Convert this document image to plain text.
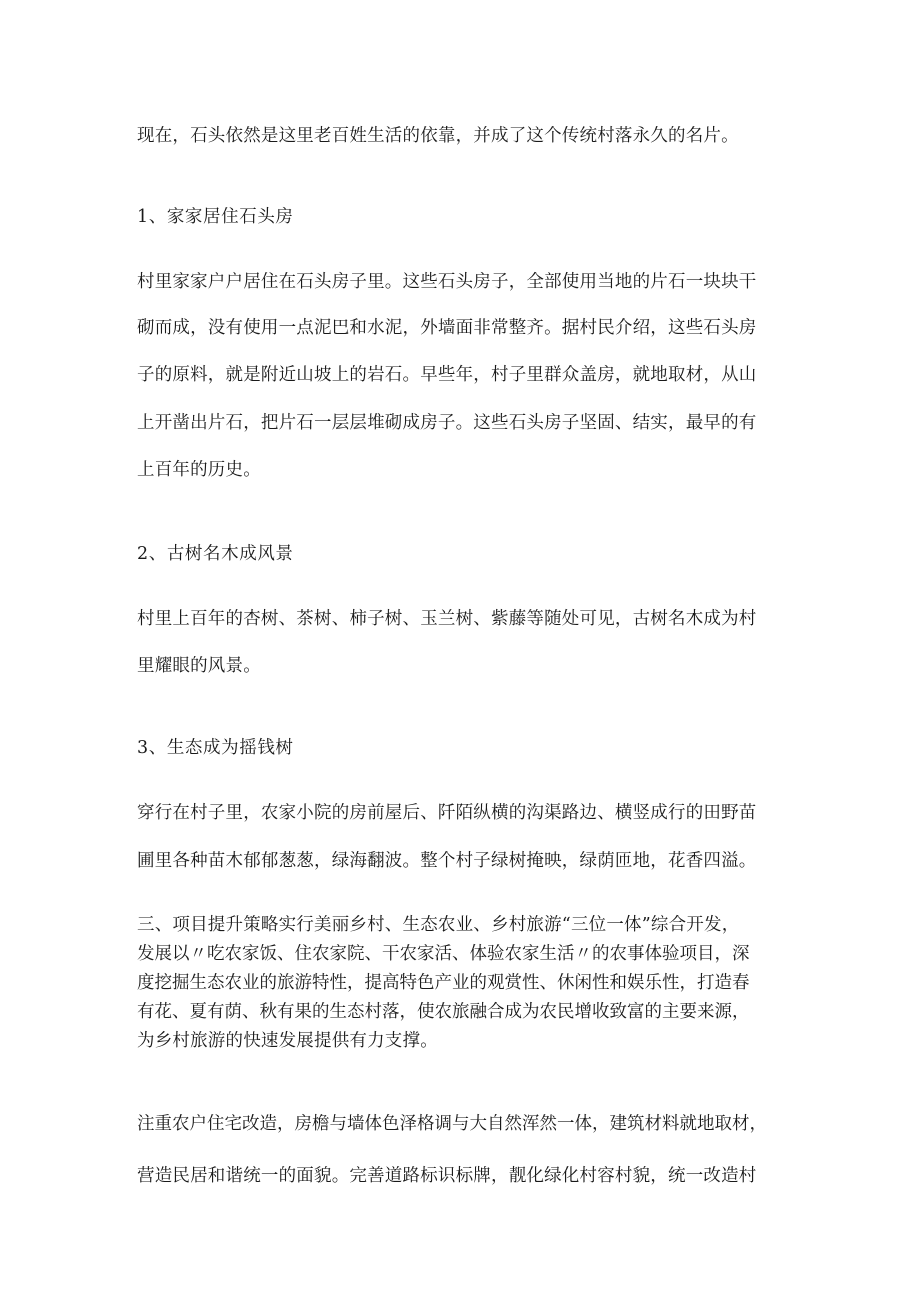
现在，石头依然是这里老百姓生活的依靠，并成了这个传统村落永久的名片。
1、家家居住石头房
村里家家户户居住在石头房子里。这些石头房子，全部使用当地的片石一块块干
砌而成，没有使用一点泥巴和水泥，外墙面非常整齐。据村民介绍，这些石头房
子的原料，就是附近山坡上的岩石。早些年，村子里群众盖房，就地取材，从山
上开凿出片石，把片石一层层堆砌成房子。这些石头房子坚固、结实，最早的有
上百年的历史。
2、古树名木成风景
村里上百年的杏树、茶树、柿子树、玉兰树、紫藤等随处可见，古树名木成为村
里耀眼的风景。
3、生态成为摇钱树
穿行在村子里，农家小院的房前屋后、阡陌纵横的沟渠路边、横竖成行的田野苗
圃里各种苗木郁郁葱葱，绿海翻波。整个村子绿树掩映，绿荫匝地，花香四溢。
三、项目提升策略实行美丽乡村、生态农业、乡村旅游“三位一体”综合开发，
发展以〃吃农家饭、住农家院、干农家活、体验农家生活〃的农事体验项目，深
度挖掘生态农业的旅游特性，提高特色产业的观赏性、休闲性和娱乐性，打造春
有花、夏有荫、秋有果的生态村落，使农旅融合成为农民增收致富的主要来源，
为乡村旅游的快速发展提供有力支撑。
注重农户住宅改造，房檐与墙体色泽格调与大自然浑然一体，建筑材料就地取材，
营造民居和谐统一的面貌。完善道路标识标牌，靓化绿化村容村貌，统一改造村
